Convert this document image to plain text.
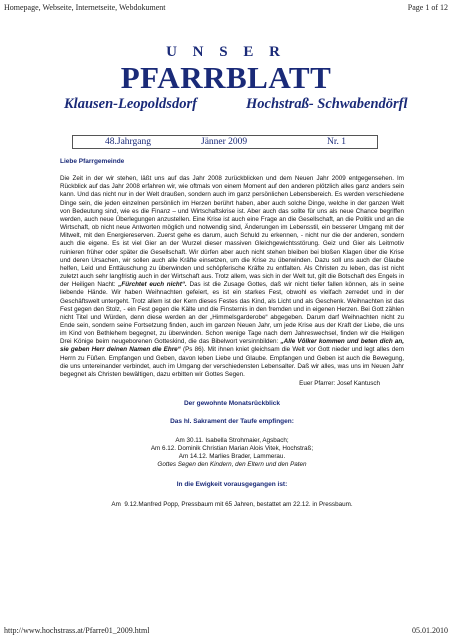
Homepage, Webseite, Internetseite, Webdokument	Page 1 of 12
U N S E R
PFARRBLATT
Klausen-Leopoldsdorf	Hochstraß- Schwabendörfl
48.Jahrgang	Jänner 2009	Nr. 1
Liebe Pfarrgemeinde
Die Zeit in der wir stehen, läßt uns auf das Jahr 2008 zurückblicken und dem Neuen Jahr 2009 entgegensehen. Im Rückblick auf das Jahr 2008 erfahren wir, wie oftmals von einem Moment auf den anderen plötzlich alles ganz anders sein kann. Und das nicht nur in der Welt draußen, sondern auch im ganz persönlichen Lebensbereich. Es werden verschiedene Dinge sein, die jeden einzelnen persönlich im Herzen berührt haben, aber auch solche Dinge, welche in der ganzen Welt von Bedeutung sind, wie es die Finanz – und Wirtschaftskrise ist. Aber auch das sollte für uns als neue Chance begriffen werden, auch neue Überlegungen anzustellen. Eine Krise ist auch eine Frage an die Gesellschaft, an die Politik und an die Wirtschaft, ob nicht neue Antworten möglich und notwendig sind, Änderungen im Lebensstil, ein besserer Umgang mit der Mitwelt, mit den Energiereserven. Zuerst gehe es darum, auch Schuld zu erkennen, - nicht nur die der anderen, sondern auch die eigene. Es ist viel Gier an der Wurzel dieser massiven Gleichgewichtsstörung. Geiz und Gier als Leitmotiv ruinieren früher oder später die Gesellschaft. Wir dürfen aber auch nicht stehen bleiben bei bloßen Klagen über die Krise und deren Ursachen, wir sollen auch alle Kräfte einsetzen, um die Krise zu überwinden. Dazu soll uns auch der Glaube helfen, Leid und Enttäuschung zu überwinden und schöpferische Kräfte zu entfalten. Als Christen zu leben, das ist nicht zuletzt auch sehr langfristig auch in der Wirtschaft aus. Trotz allem, was sich in der Welt tut, gilt die Botschaft des Engels in der Heiligen Nacht: „Fürchtet euch nicht“. Das ist die Zusage Gottes, daß wir nicht tiefer fallen können, als in seine liebende Hände. Wir haben Weihnachten gefeiert, es ist ein starkes Fest, obwohl es vielfach zerredet und in der Geschäftswelt untergeht. Trotz allem ist der Kern dieses Festes das Kind, als Licht und als Geschenk. Weihnachten ist das Fest gegen den Stolz, - ein Fest gegen die Kälte und die Finsternis in den fremden und in eigenen Herzen. Bei Gott zählen nicht Titel und Würden, denn diese werden an der „Himmelsgarderobe“ abgegeben. Darum darf Weihnachten nicht zu Ende sein, sondern seine Fortsetzung finden, auch im ganzen Neuen Jahr, um jede Krise aus der Kraft der Liebe, die uns im Kind von Bethlehem begegnet, zu überwinden. Schon wenige Tage nach dem Jahreswechsel, finden wir die Heiligen Drei Könige beim neugeborenen Gotteskind, die das Bibelwort versinnbilden: „Alle Völker kommen und beten dich an, sie geben Herr deinen Namen die Ehre“ (Ps 86). Mit ihnen kniet gleichsam die Welt vor Gott nieder und legt alles dem Herrn zu Füßen. Empfangen und Geben, davon leben Liebe und Glaube. Empfangen und Geben ist auch die Bewegung, die uns untereinander verbindet, auch im Umgang der verschiedensten Lebensalter. Daß wir alles, was uns im Neuen Jahr begegnet als Christen bewältigen, dazu erbitten wir Gottes Segen.
Euer Pfarrer: Josef Kantusch
Der gewohnte Monatsrückblick
Das hl. Sakrament der Taufe empfingen:
Am 30.11. Isabella Strohmaier, Agsbach;
Am 6.12. Dominik Christian Marian Alois Vitek, Hochstraß;
Am 14.12. Marlies Brader, Lammerau.
Gottes Segen den Kindern, den Eltern und den Paten
In die Ewigkeit vorausgegangen ist:
Am 9.12.Manfred Popp, Pressbaum mit 65 Jahren, bestattet am 22.12. in Pressbaum.
http://www.hochstrass.at/Pfarre01_2009.html	05.01.2010
